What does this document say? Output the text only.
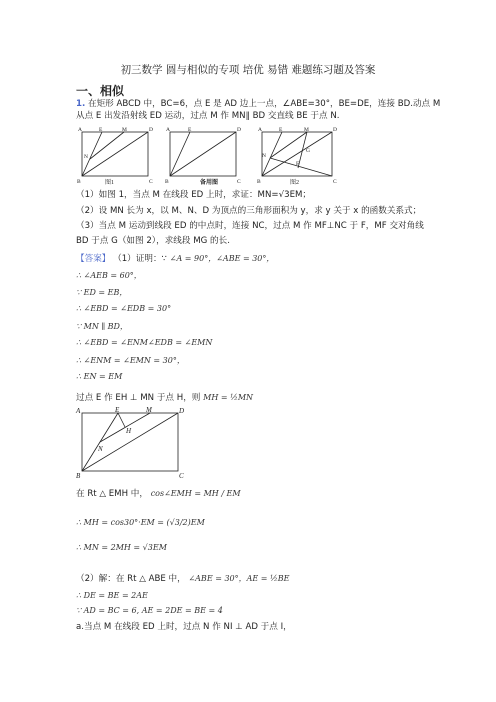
初三数学 圆与相似的专项 培优 易错 难题练习题及答案
一、相似
1. 在矩形 ABCD 中，BC=6，点 E 是 AD 边上一点，∠ABE=30°，BE=DE，连接 BD.动点 M
从点 E 出发沿射线 ED 运动，过点 M 作 MN∥ BD 交直线 BE 于点 N.
A	E	M	D
N
B	C
图1
A	E	D
B	C
备用图
A	E	M	D
N
G
F
B	C
图2
（1）如图 1，当点 M 在线段 ED 上时，求证：MN=√3EM；
（2）设 MN 长为 x，以 M、N、D 为顶点的三角形面积为 y，求 y 关于 x 的函数关系式；
（3）当点 M 运动到线段 ED 的中点时，连接 NC，过点 M 作 MF⊥NC 于 F，MF 交对角线
BD 于点 G（如图 2），求线段 MG 的长.
【答案】 （1）证明：∵ ∠A = 90°，∠ABE = 30°，
∴ ∠AEB = 60°，
∵ ED = EB，
∴ ∠EBD = ∠EDB = 30°
∵ MN ∥ BD，
∴ ∠EBD = ∠ENM∠EDB = ∠EMN
∴ ∠ENM = ∠EMN = 30°，
∴ EN = EM
过点 E 作 EH ⊥ MN 于点 H，则 MH = ½MN
A	E	M	D
H
N
B	C
在 Rt △ EMH 中， cos∠EMH = MH / EM
∴ MH = cos30°·EM = (√3/2)EM
∴ MN = 2MH = √3EM
（2）解：在 Rt △ ABE 中， ∠ABE = 30°，AE = ½BE
∴ DE = BE = 2AE
∵ AD = BC = 6, AE = 2DE = BE = 4
a.当点 M 在线段 ED 上时，过点 N 作 NI ⊥ AD 于点 I，
